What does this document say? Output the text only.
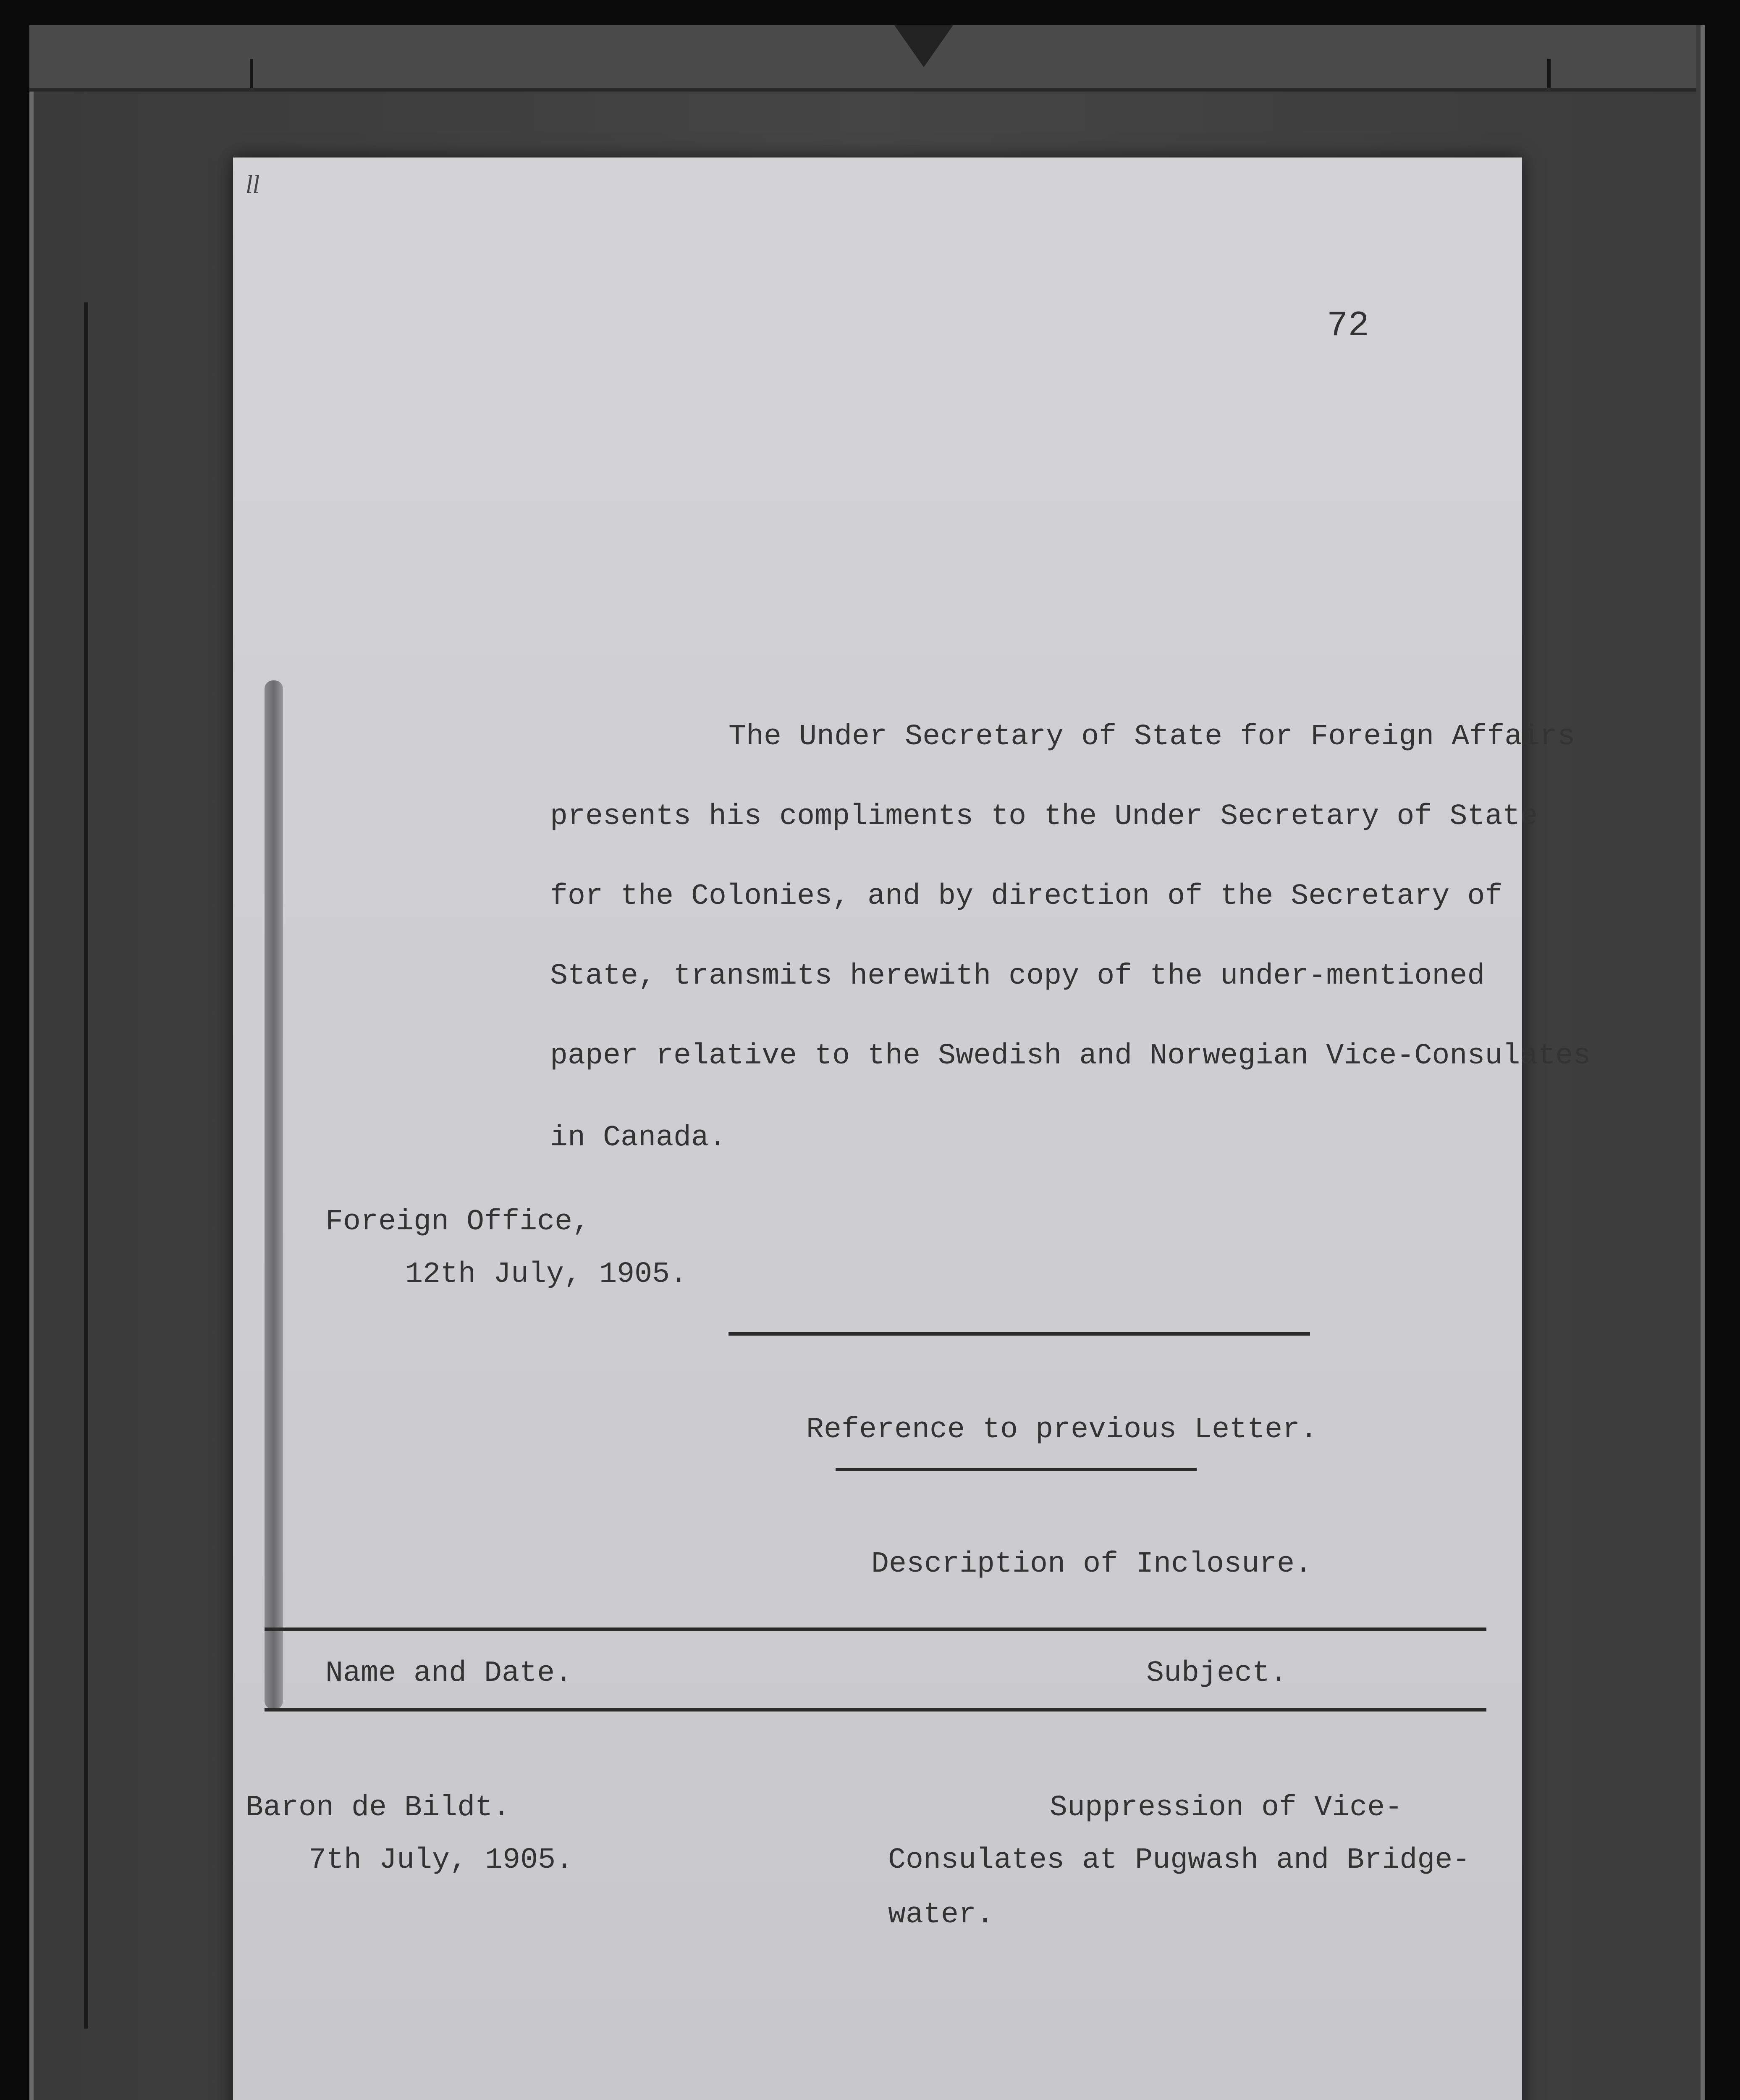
ll
72
The Under Secretary of State for Foreign Affairs
presents his compliments to the Under Secretary of State
for the Colonies, and by direction of the Secretary of
State, transmits herewith copy of the under-mentioned
paper relative to the Swedish and Norwegian Vice-Consulates
in Canada.
Foreign Office,
12th July, 1905.
Reference to previous Letter.
Description of Inclosure.
Name and Date.	Subject.
Baron de Bildt.
7th July, 1905.
Suppression of Vice-
Consulates at Pugwash and Bridge-
water.
